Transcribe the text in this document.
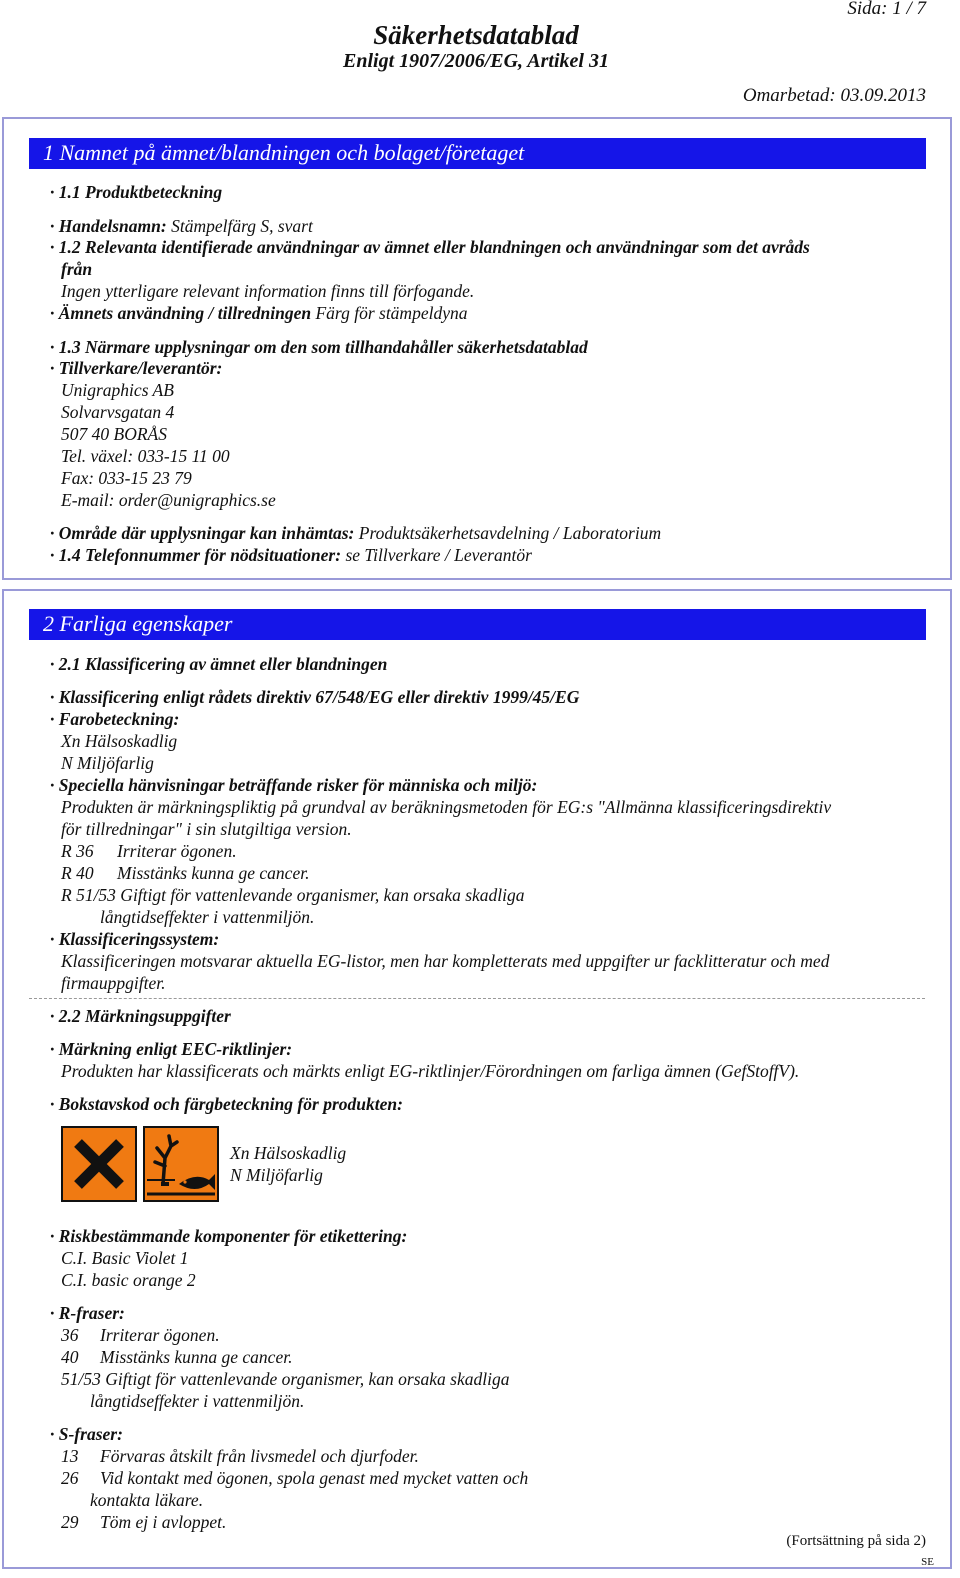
Sida: 1 / 7
Säkerhetsdatablad
Enligt 1907/2006/EG, Artikel 31
Omarbetad: 03.09.2013
1 Namnet på ämnet/blandningen och bolaget/företaget
· 1.1 Produktbeteckning
· Handelsnamn: Stämpelfärg S, svart
· 1.2 Relevanta identifierade användningar av ämnet eller blandningen och användningar som det avråds
från
Ingen ytterligare relevant information finns till förfogande.
· Ämnets användning / tillredningen Färg för stämpeldyna
· 1.3 Närmare upplysningar om den som tillhandahåller säkerhetsdatablad
· Tillverkare/leverantör:
Unigraphics AB
Solvarvsgatan 4
507 40 BORÅS
Tel. växel: 033-15 11 00
Fax: 033-15 23 79
E-mail: order@unigraphics.se
· Område där upplysningar kan inhämtas: Produktsäkerhetsavdelning / Laboratorium
· 1.4 Telefonnummer för nödsituationer: se Tillverkare / Leverantör
2 Farliga egenskaper
· 2.1 Klassificering av ämnet eller blandningen
· Klassificering enligt rådets direktiv 67/548/EG eller direktiv 1999/45/EG
· Farobeteckning:
Xn Hälsoskadlig
N Miljöfarlig
· Speciella hänvisningar beträffande risker för människa och miljö:
Produkten är märkningspliktig på grundval av beräkningsmetoden för EG:s "Allmänna klassificeringsdirektiv
för tillredningar" i sin slutgiltiga version.
R 36 Irriterar ögonen.
R 40 Misstänks kunna ge cancer.
R 51/53 Giftigt för vattenlevande organismer, kan orsaka skadliga
långtidseffekter i vattenmiljön.
· Klassificeringssystem:
Klassificeringen motsvarar aktuella EG-listor, men har kompletterats med uppgifter ur facklitteratur och med
firmauppgifter.
· 2.2 Märkningsuppgifter
· Märkning enligt EEC-riktlinjer:
Produkten har klassificerats och märkts enligt EG-riktlinjer/Förordningen om farliga ämnen (GefStoffV).
· Bokstavskod och färgbeteckning för produkten:
Xn Hälsoskadlig
N Miljöfarlig
· Riskbestämmande komponenter för etikettering:
C.I. Basic Violet 1
C.I. basic orange 2
· R-fraser:
36 Irriterar ögonen.
40 Misstänks kunna ge cancer.
51/53 Giftigt för vattenlevande organismer, kan orsaka skadliga
långtidseffekter i vattenmiljön.
· S-fraser:
13 Förvaras åtskilt från livsmedel och djurfoder.
26 Vid kontakt med ögonen, spola genast med mycket vatten och
kontakta läkare.
29 Töm ej i avloppet.
(Fortsättning på sida 2)
SE
